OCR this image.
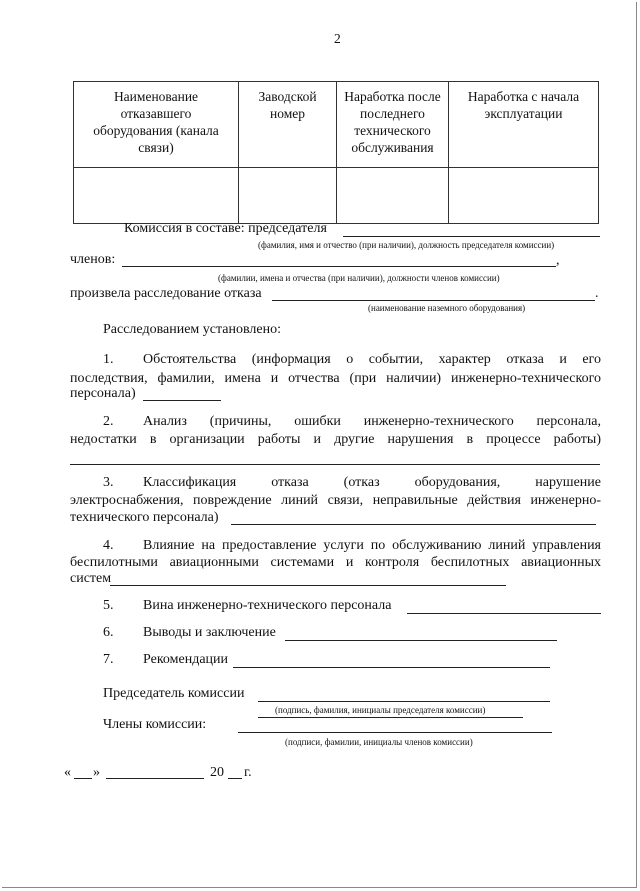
2
Наименование отказавшего оборудования (канала связи)	Заводской номер	Наработка после последнего технического обслуживания	Наработка с начала эксплуатации

Комиссия в составе: председателя
(фамилия, имя и отчество (при наличии), должность председателя комиссии)
членов:	,
(фамилии, имена и отчества (при наличии), должности членов комиссии)
произвела расследование отказа	.
(наименование наземного оборудования)
Расследованием установлено:
1. Обстоятельства (информация о событии, характер отказа и его
последствия, фамилии, имена и отчества (при наличии) инженерно-технического
персонала)
2. Анализ (причины, ошибки инженерно-технического персонала,
недостатки в организации работы и другие нарушения в процессе работы)
3. Классификация отказа (отказ оборудования, нарушение
электроснабжения, повреждение линий связи, неправильные действия инженерно-
технического персонала)
4. Влияние на предоставление услуги по обслуживанию линий управления
беспилотными авиационными системами и контроля беспилотных авиационных
систем
5. Вина инженерно-технического персонала
6. Выводы и заключение
7. Рекомендации
Председатель комиссии
(подпись, фамилия, инициалы председателя комиссии)
Члены комиссии:
(подписи, фамилии, инициалы членов комиссии)
« »	20 г.
